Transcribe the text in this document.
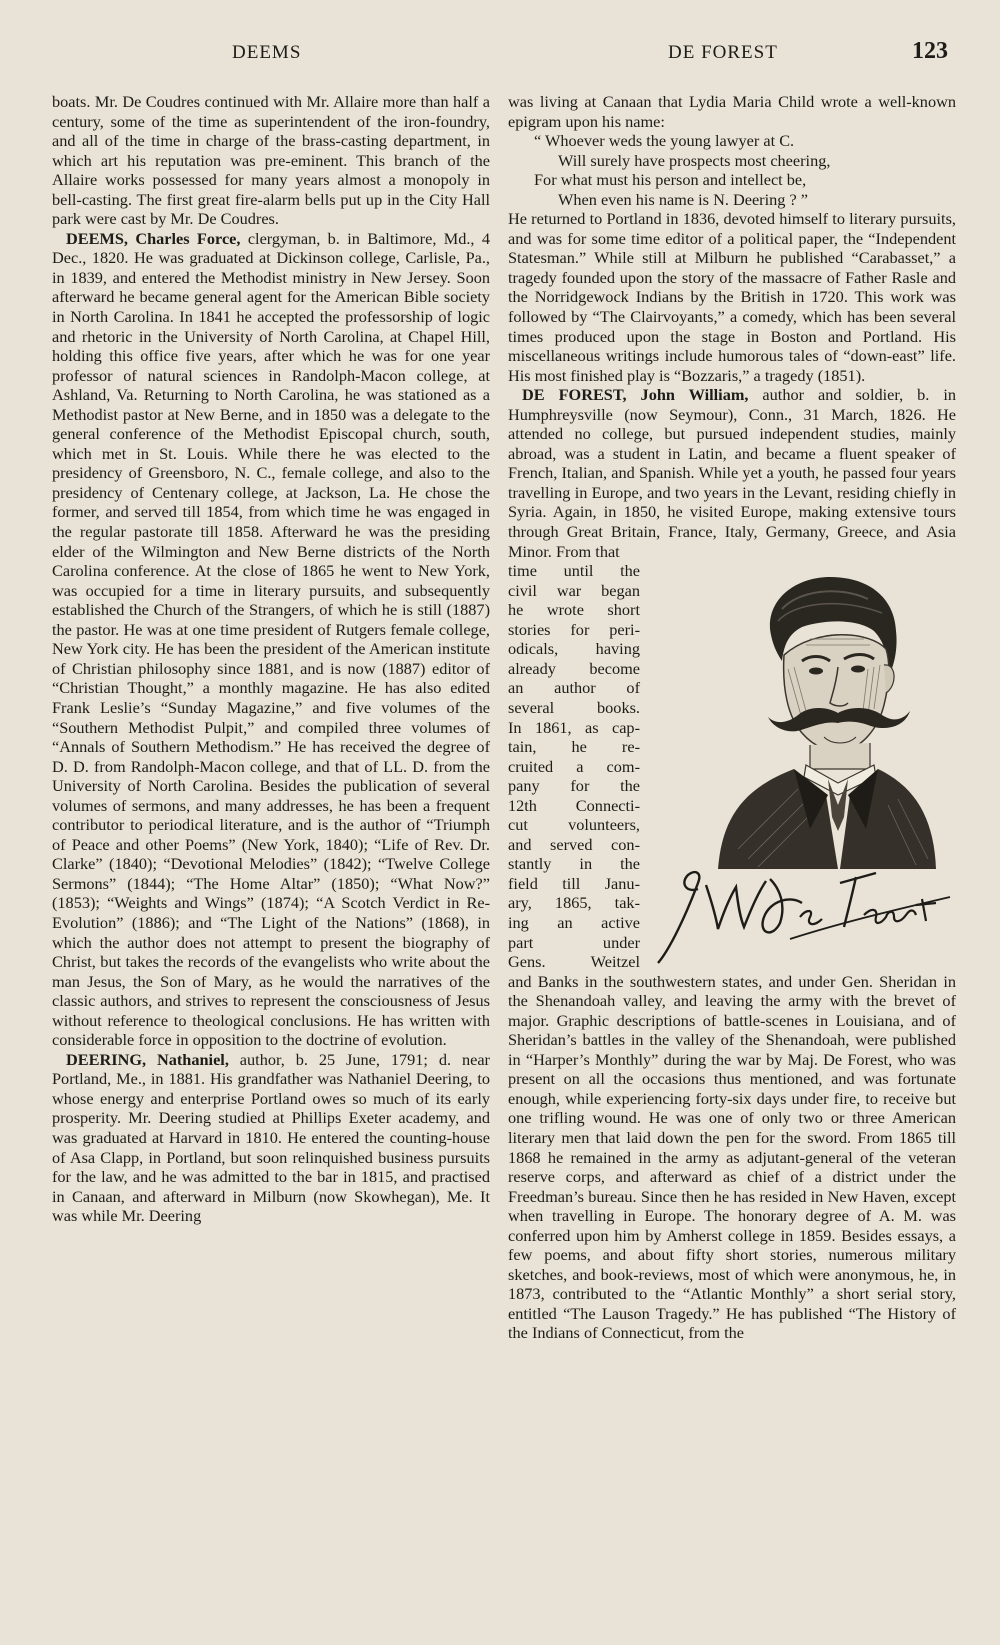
DEEMS	DE FOREST	123

boats. Mr. De Coudres continued with Mr. Allaire more than half a century, some of the time as superintendent of the iron-foundry, and all of the time in charge of the brass-casting department, in which art his reputation was pre-eminent. This branch of the Allaire works possessed for many years almost a monopoly in bell-casting. The first great fire-alarm bells put up in the City Hall park were cast by Mr. De Coudres.

DEEMS, Charles Force, clergyman, b. in Baltimore, Md., 4 Dec., 1820. He was graduated at Dickinson college, Carlisle, Pa., in 1839, and entered the Methodist ministry in New Jersey. Soon afterward he became general agent for the American Bible society in North Carolina. In 1841 he accepted the professorship of logic and rhetoric in the University of North Carolina, at Chapel Hill, holding this office five years, after which he was for one year professor of natural sciences in Randolph-Macon college, at Ashland, Va. Returning to North Carolina, he was stationed as a Methodist pastor at New Berne, and in 1850 was a delegate to the general conference of the Methodist Episcopal church, south, which met in St. Louis. While there he was elected to the presidency of Greensboro, N. C., female college, and also to the presidency of Centenary college, at Jackson, La. He chose the former, and served till 1854, from which time he was engaged in the regular pastorate till 1858. Afterward he was the presiding elder of the Wilmington and New Berne districts of the North Carolina conference. At the close of 1865 he went to New York, was occupied for a time in literary pursuits, and subsequently established the Church of the Strangers, of which he is still (1887) the pastor. He was at one time president of Rutgers female college, New York city. He has been the president of the American institute of Christian philosophy since 1881, and is now (1887) editor of “Christian Thought,” a monthly magazine. He has also edited Frank Leslie’s “Sunday Magazine,” and five volumes of the “Southern Methodist Pulpit,” and compiled three volumes of “Annals of Southern Methodism.” He has received the degree of D. D. from Randolph-Macon college, and that of LL. D. from the University of North Carolina. Besides the publication of several volumes of sermons, and many addresses, he has been a frequent contributor to periodical literature, and is the author of “Triumph of Peace and other Poems” (New York, 1840); “Life of Rev. Dr. Clarke” (1840); “Devotional Melodies” (1842); “Twelve College Sermons” (1844); “The Home Altar” (1850); “What Now?” (1853); “Weights and Wings” (1874); “A Scotch Verdict in Re-Evolution” (1886); and “The Light of the Nations” (1868), in which the author does not attempt to present the biography of Christ, but takes the records of the evangelists who write about the man Jesus, the Son of Mary, as he would the narratives of the classic authors, and strives to represent the consciousness of Jesus without reference to theological conclusions. He has written with considerable force in opposition to the doctrine of evolution.

DEERING, Nathaniel, author, b. 25 June, 1791; d. near Portland, Me., in 1881. His grandfather was Nathaniel Deering, to whose energy and enterprise Portland owes so much of its early prosperity. Mr. Deering studied at Phillips Exeter academy, and was graduated at Harvard in 1810. He entered the counting-house of Asa Clapp, in Portland, but soon relinquished business pursuits for the law, and he was admitted to the bar in 1815, and practised in Canaan, and afterward in Milburn (now Skowhegan), Me. It was while Mr. Deering

was living at Canaan that Lydia Maria Child wrote a well-known epigram upon his name:

“ Whoever weds the young lawyer at C.
Will surely have prospects most cheering,
For what must his person and intellect be,
When even his name is N. Deering ? ”

He returned to Portland in 1836, devoted himself to literary pursuits, and was for some time editor of a political paper, the “Independent Statesman.” While still at Milburn he published “Carabasset,” a tragedy founded upon the story of the massacre of Father Rasle and the Norridgewock Indians by the British in 1720. This work was followed by “The Clairvoyants,” a comedy, which has been several times produced upon the stage in Boston and Portland. His miscellaneous writings include humorous tales of “down-east” life. His most finished play is “Bozzaris,” a tragedy (1851).

DE FOREST, John William, author and soldier, b. in Humphreysville (now Seymour), Conn., 31 March, 1826. He attended no college, but pursued independent studies, mainly abroad, was a student in Latin, and became a fluent speaker of French, Italian, and Spanish. While yet a youth, he passed four years travelling in Europe, and two years in the Levant, residing chiefly in Syria. Again, in 1850, he visited Europe, making extensive tours through Great Britain, France, Italy, Germany, Greece, and Asia Minor. From that

time until the
civil war began
he wrote short
stories for peri-
odicals, having
already become
an author of
several books.
In 1861, as cap-
tain, he re-
cruited a com-
pany for the
12th Connecti-
cut volunteers,
and served con-
stantly in the
field till Janu-
ary, 1865, tak-
ing an active
part under
Gens. Weitzel

and Banks in the southwestern states, and under Gen. Sheridan in the Shenandoah valley, and leaving the army with the brevet of major. Graphic descriptions of battle-scenes in Louisiana, and of Sheridan’s battles in the valley of the Shenandoah, were published in “Harper’s Monthly” during the war by Maj. De Forest, who was present on all the occasions thus mentioned, and was fortunate enough, while experiencing forty-six days under fire, to receive but one trifling wound. He was one of only two or three American literary men that laid down the pen for the sword. From 1865 till 1868 he remained in the army as adjutant-general of the veteran reserve corps, and afterward as chief of a district under the Freedman’s bureau. Since then he has resided in New Haven, except when travelling in Europe. The honorary degree of A. M. was conferred upon him by Amherst college in 1859. Besides essays, a few poems, and about fifty short stories, numerous military sketches, and book-reviews, most of which were anonymous, he, in 1873, contributed to the “Atlantic Monthly” a short serial story, entitled “The Lauson Tragedy.” He has published “The History of the Indians of Connecticut, from the
